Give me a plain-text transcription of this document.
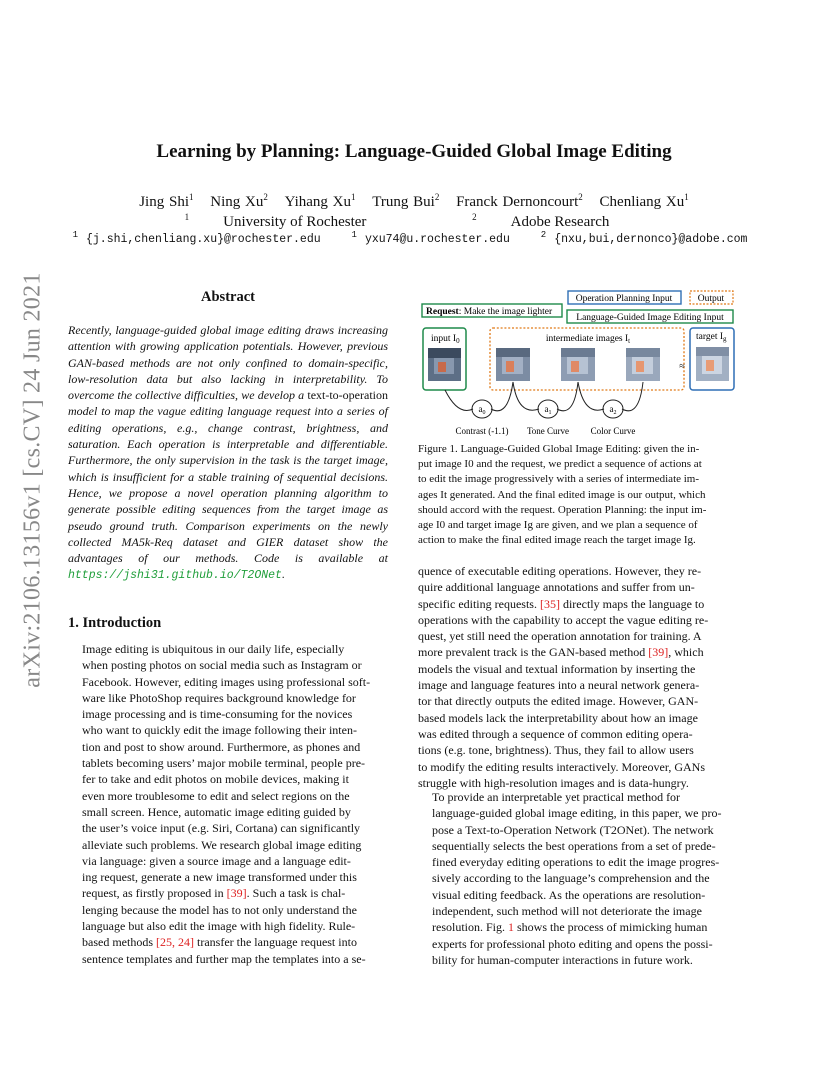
arXiv:2106.13156v1 [cs.CV] 24 Jun 2021
Learning by Planning: Language-Guided Global Image Editing
Jing Shi$^1$ Ning Xu$^2$ Yihang Xu$^1$ Trung Bui$^2$ Franck Dernoncourt$^2$ Chenliang Xu$^1$
$^1$ University of Rochester	$^2$ Adobe Research
$^1$ {j.shi,chenliang.xu}@rochester.edu	$^1$ yxu74@u.rochester.edu	$^2$ {nxu,bui,dernonco}@adobe.com
Abstract
Recently, language-guided global image editing draws increasing attention with growing application potentials. However, previous GAN-based methods are not only confined to domain-specific, low-resolution data but also lacking in interpretability. To overcome the collective difficulties, we develop a text-to-operation model to map the vague editing language request into a series of editing operations, e.g., change contrast, brightness, and saturation. Each operation is interpretable and differentiable. Furthermore, the only supervision in the task is the target image, which is insufficient for a stable training of sequential decisions. Hence, we propose a novel operation planning algorithm to generate possible editing sequences from the target image as pseudo ground truth. Comparison experiments on the newly collected MA5k-Req dataset and GIER dataset show the advantages of our methods. Code is available at https://jshi31.github.io/T2ONet.
1. Introduction
Image editing is ubiquitous in our daily life, especially
when posting photos on social media such as Instagram or
Facebook. However, editing images using professional soft-
ware like PhotoShop requires background knowledge for
image processing and is time-consuming for the novices
who want to quickly edit the image following their inten-
tion and post to show around. Furthermore, as phones and
tablets becoming users’ major mobile terminal, people pre-
fer to take and edit photos on mobile devices, making it
even more troublesome to edit and select regions on the
small screen. Hence, automatic image editing guided by
the user’s voice input (e.g. Siri, Cortana) can significantly
alleviate such problems. We research global image editing
via language: given a source image and a language edit-
ing request, generate a new image transformed under this
request, as firstly proposed in [39]. Such a task is chal-
lenging because the model has to not only understand the
language but also edit the image with high fidelity. Rule-
based methods [25, 24] transfer the language request into
sentence templates and further map the templates into a se-
Operation Planning Input	Output
Request: Make the image lighter
Language-Guided Image Editing Input
input $I_0$	intermediate images $I_t$
≈
target $I_g$
$a_0$	$a_1$	$a_2$
Contrast (-1.1) Tone Curve Color Curve
Figure 1. Language-Guided Global Image Editing: given the in-
put image I0 and the request, we predict a sequence of actions at
to edit the image progressively with a series of intermediate im-
ages It generated. And the final edited image is our output, which
should accord with the request. Operation Planning: the input im-
age I0 and target image Ig are given, and we plan a sequence of
action to make the final edited image reach the target image Ig.
quence of executable editing operations. However, they re-
quire additional language annotations and suffer from un-
specific editing requests. [35] directly maps the language to
operations with the capability to accept the vague editing re-
quest, yet still need the operation annotation for training. A
more prevalent track is the GAN-based method [39], which
models the visual and textual information by inserting the
image and language features into a neural network genera-
tor that directly outputs the edited image. However, GAN-
based models lack the interpretability about how an image
was edited through a sequence of common editing opera-
tions (e.g. tone, brightness). Thus, they fail to allow users
to modify the editing results interactively. Moreover, GANs
struggle with high-resolution images and is data-hungry.
To provide an interpretable yet practical method for
language-guided global image editing, in this paper, we pro-
pose a Text-to-Operation Network (T2ONet). The network
sequentially selects the best operations from a set of prede-
fined everyday editing operations to edit the image progres-
sively according to the language’s comprehension and the
visual editing feedback. As the operations are resolution-
independent, such method will not deteriorate the image
resolution. Fig. 1 shows the process of mimicking human
experts for professional photo editing and opens the possi-
bility for human-computer interactions in future work.
